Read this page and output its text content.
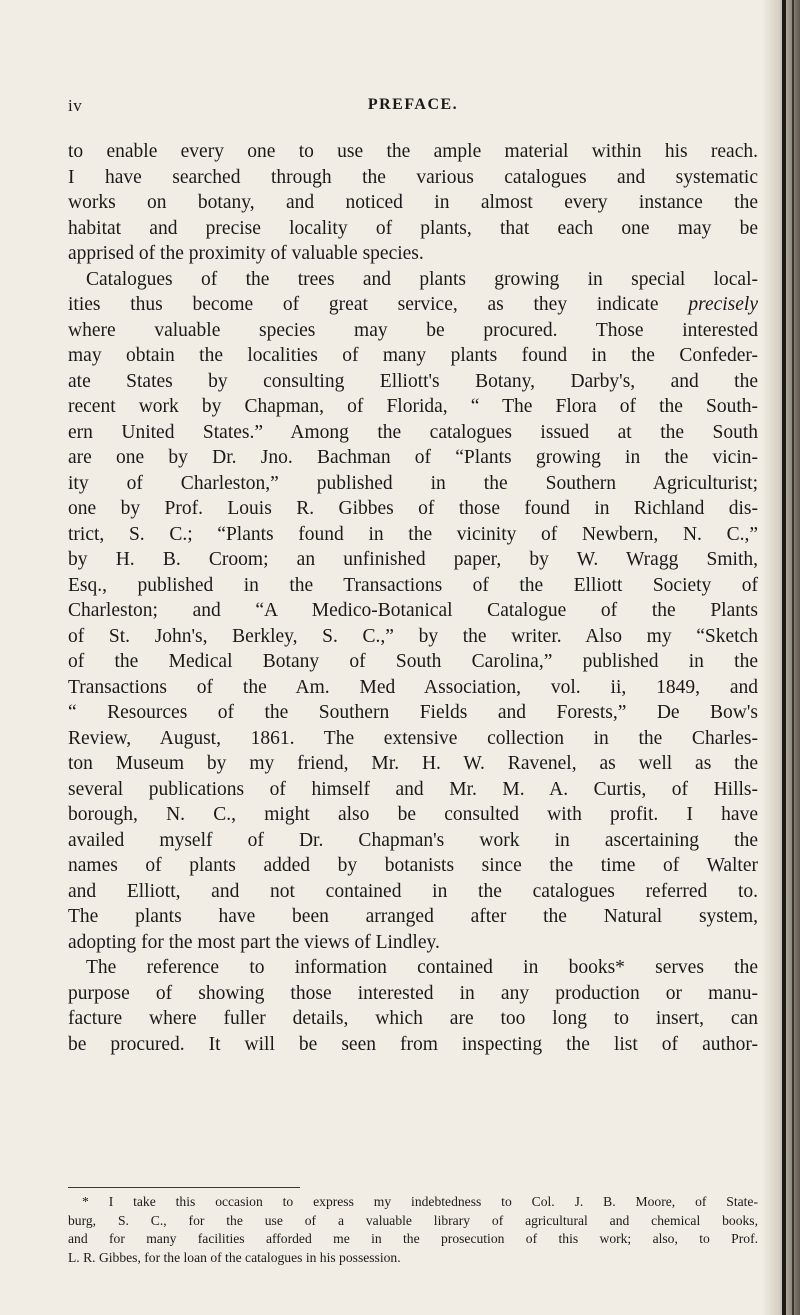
iv	PREFACE.
to enable every one to use the ample material within his reach.
I have searched through the various catalogues and systematic
works on botany, and noticed in almost every instance the
habitat and precise locality of plants, that each one may be
apprised of the proximity of valuable species.
Catalogues of the trees and plants growing in special local-
ities thus become of great service, as they indicate precisely
where valuable species may be procured. Those interested
may obtain the localities of many plants found in the Confeder-
ate States by consulting Elliott's Botany, Darby's, and the
recent work by Chapman, of Florida, “ The Flora of the South-
ern United States.” Among the catalogues issued at the South
are one by Dr. Jno. Bachman of “Plants growing in the vicin-
ity of Charleston,” published in the Southern Agriculturist;
one by Prof. Louis R. Gibbes of those found in Richland dis-
trict, S. C.; “Plants found in the vicinity of Newbern, N. C.,”
by H. B. Croom; an unfinished paper, by W. Wragg Smith,
Esq., published in the Transactions of the Elliott Society of
Charleston; and “A Medico-Botanical Catalogue of the Plants
of St. John's, Berkley, S. C.,” by the writer. Also my “Sketch
of the Medical Botany of South Carolina,” published in the
Transactions of the Am. Med Association, vol. ii, 1849, and
“ Resources of the Southern Fields and Forests,” De Bow's
Review, August, 1861. The extensive collection in the Charles-
ton Museum by my friend, Mr. H. W. Ravenel, as well as the
several publications of himself and Mr. M. A. Curtis, of Hills-
borough, N. C., might also be consulted with profit. I have
availed myself of Dr. Chapman's work in ascertaining the
names of plants added by botanists since the time of Walter
and Elliott, and not contained in the catalogues referred to.
The plants have been arranged after the Natural system,
adopting for the most part the views of Lindley.
The reference to information contained in books* serves the
purpose of showing those interested in any production or manu-
facture where fuller details, which are too long to insert, can
be procured. It will be seen from inspecting the list of author-
* I take this occasion to express my indebtedness to Col. J. B. Moore, of State-
burg, S. C., for the use of a valuable library of agricultural and chemical books,
and for many facilities afforded me in the prosecution of this work; also, to Prof.
L. R. Gibbes, for the loan of the catalogues in his possession.
